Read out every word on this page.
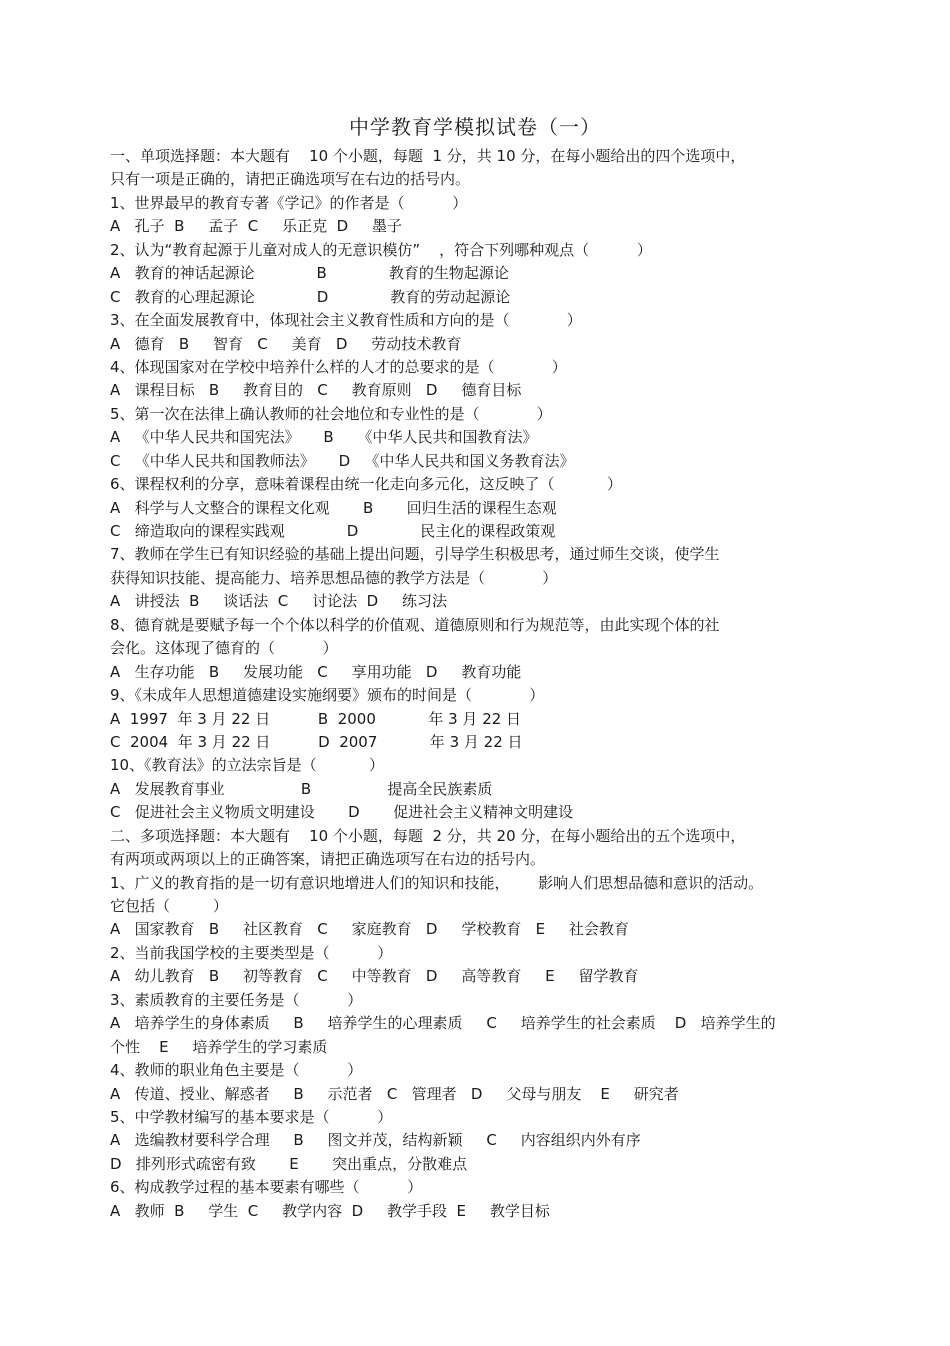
中学教育学模拟试卷（一）
一、单项选择题：本大题有    10 个小题，每题  1 分，共 10 分，在每小题给出的四个选项中，
只有一项是正确的，请把正确选项写在右边的括号内。
1、世界最早的教育专著《学记》的作者是（          ）
A   孔子  B     孟子  C     乐正克  D     墨子
2、认为“教育起源于儿童对成人的无意识模仿”    ，符合下列哪种观点（          ）
A   教育的神话起源论             B             教育的生物起源论
C   教育的心理起源论             D             教育的劳动起源论
3、在全面发展教育中，体现社会主义教育性质和方向的是（            ）
A   德育   B     智育   C     美育   D     劳动技术教育
4、体现国家对在学校中培养什么样的人才的总要求的是（            ）
A   课程目标   B     教育目的   C     教育原则   D     德育目标
5、第一次在法律上确认教师的社会地位和专业性的是（            ）
A   《中华人民共和国宪法》     B     《中华人民共和国教育法》
C   《中华人民共和国教师法》     D   《中华人民共和国义务教育法》
6、课程权利的分享，意味着课程由统一化走向多元化，这反映了（           ）
A   科学与人文整合的课程文化观       B       回归生活的课程生态观
C   缔造取向的课程实践观             D             民主化的课程政策观
7、教师在学生已有知识经验的基础上提出问题，引导学生积极思考，通过师生交谈，使学生
获得知识技能、提高能力、培养思想品德的教学方法是（            ）
A   讲授法  B     谈话法  C     讨论法  D     练习法
8、德育就是要赋予每一个个体以科学的价值观、道德原则和行为规范等，由此实现个体的社
会化。这体现了德育的（          ）
A   生存功能   B     发展功能   C     享用功能   D     教育功能
9、《未成年人思想道德建设实施纲要》颁布的时间是（            ）
A  1997  年 3 月 22 日          B  2000           年 3 月 22 日
C  2004  年 3 月 22 日          D  2007           年 3 月 22 日
10、《教育法》的立法宗旨是（           ）
A   发展教育事业                B                提高全民族素质
C   促进社会主义物质文明建设       D       促进社会主义精神文明建设
二、多项选择题：本大题有    10 个小题，每题  2 分，共 20 分，在每小题给出的五个选项中，
有两项或两项以上的正确答案，请把正确选项写在右边的括号内。
1、广义的教育指的是一切有意识地增进人们的知识和技能，      影响人们思想品德和意识的活动。
它包括（         ）
A   国家教育   B     社区教育   C     家庭教育   D     学校教育   E     社会教育
2、当前我国学校的主要类型是（          ）
A   幼儿教育   B     初等教育   C     中等教育   D     高等教育     E     留学教育
3、素质教育的主要任务是（          ）
A   培养学生的身体素质     B     培养学生的心理素质     C     培养学生的社会素质    D   培养学生的
个性    E     培养学生的学习素质
4、教师的职业角色主要是（          ）
A   传道、授业、解惑者     B     示范者   C   管理者   D     父母与朋友    E     研究者
5、中学教材编写的基本要求是（          ）
A   选编教材要科学合理     B     图文并茂，结构新颖     C     内容组织内外有序
D   排列形式疏密有致       E       突出重点，分散难点
6、构成教学过程的基本要素有哪些（          ）
A   教师  B     学生  C     教学内容  D     教学手段  E     教学目标
